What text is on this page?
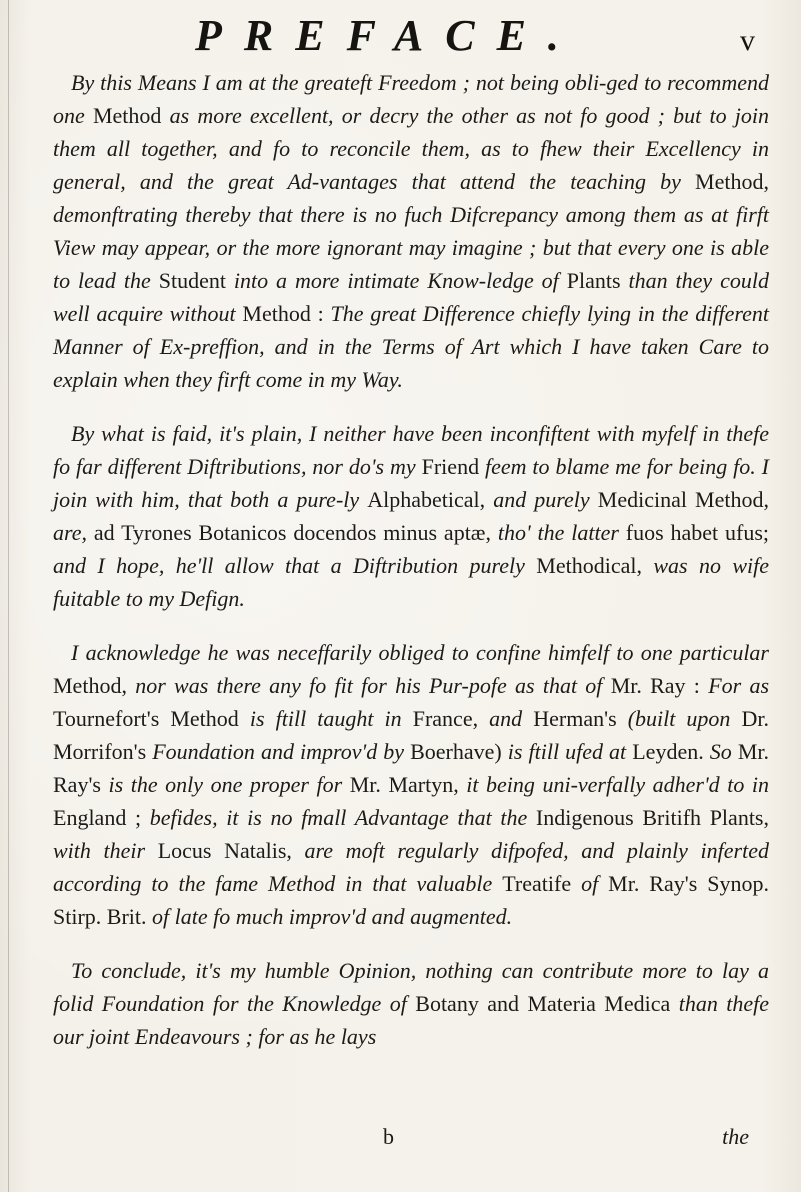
PREFACE.	v

By this Means I am at the greateft Freedom ; not being obli-ged to recommend one Method as more excellent, or decry the other as not fo good ; but to join them all together, and fo to reconcile them, as to fhew their Excellency in general, and the great Ad-vantages that attend the teaching by Method, demonftrating thereby that there is no fuch Difcrepancy among them as at firft View may appear, or the more ignorant may imagine ; but that every one is able to lead the Student into a more intimate Know-ledge of Plants than they could well acquire without Method : The great Difference chiefly lying in the different Manner of Ex-preffion, and in the Terms of Art which I have taken Care to explain when they firft come in my Way.

By what is faid, it's plain, I neither have been inconfiftent with myfelf in thefe fo far different Diftributions, nor do's my Friend feem to blame me for being fo. I join with him, that both a pure-ly Alphabetical, and purely Medicinal Method, are, ad Tyrones Botanicos docendos minus aptæ, tho' the latter fuos habet ufus; and I hope, he'll allow that a Diftribution purely Methodical, was no wife fuitable to my Defign.

I acknowledge he was neceffarily obliged to confine himfelf to one particular Method, nor was there any fo fit for his Pur-pofe as that of Mr. Ray : For as Tournefort's Method is ftill taught in France, and Herman's (built upon Dr. Morrifon's Foundation and improv'd by Boerhave) is ftill ufed at Leyden. So Mr. Ray's is the only one proper for Mr. Martyn, it being uni-verfally adher'd to in England ; befides, it is no fmall Advantage that the Indigenous Britifh Plants, with their Locus Natalis, are moft regularly difpofed, and plainly inferted according to the fame Method in that valuable Treatife of Mr. Ray's Synop. Stirp. Brit. of late fo much improv'd and augmented.

To conclude, it's my humble Opinion, nothing can contribute more to lay a folid Foundation for the Knowledge of Botany and Materia Medica than thefe our joint Endeavours ; for as he lays

b	the
